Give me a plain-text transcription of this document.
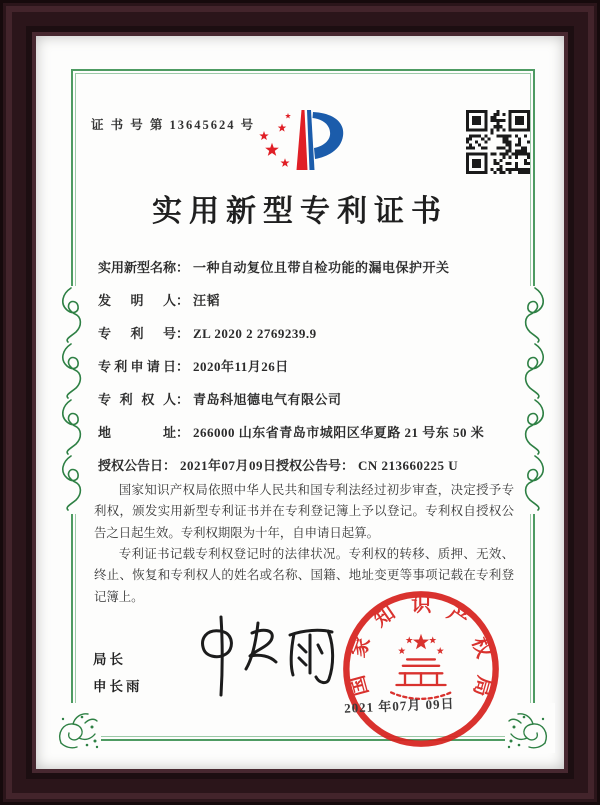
证 书 号 第 13645624 号
实用新型专利证书
实用新型名称： 一种自动复位且带自检功能的漏电保护开关
发明人： 汪韬
专利号： ZL 2020 2 2769239.9
专利申请日： 2020年11月26日
专利权人： 青岛科旭德电气有限公司
地址： 266000 山东省青岛市城阳区华夏路 21 号东 50 米
授权公告日： 2021年07月09日 授权公告号： CN 213660225 U

国家知识产权局依照中华人民共和国专利法经过初步审查，决定授予专利权，颁发实用新型专利证书并在专利登记簿上予以登记。专利权自授权公告之日起生效。专利权期限为十年，自申请日起算。

专利证书记载专利权登记时的法律状况。专利权的转移、质押、无效、终止、恢复和专利权人的姓名或名称、国籍、地址变更等事项记载在专利登记簿上。

局长
申长雨	国家知识产权局
2021 年07月 09日
